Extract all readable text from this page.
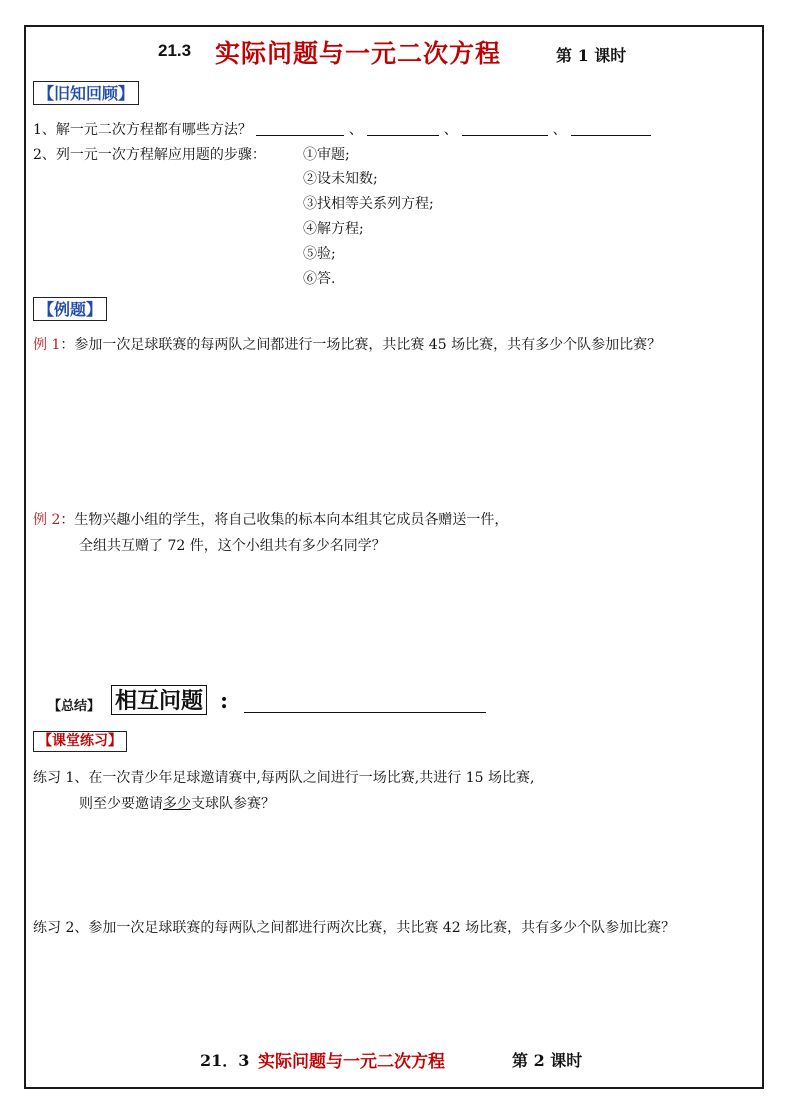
21.3 实际问题与一元二次方程	第 1 课时
【旧知回顾】
1、解一元二次方程都有哪些方法？	、	、	、
2、列一元一次方程解应用题的步骤：	①审题;
②设未知数;
③找相等关系列方程;
④解方程;
⑤验;
⑥答.
【例题】
例 1：参加一次足球联赛的每两队之间都进行一场比赛，共比赛 45 场比赛，共有多少个队参加比赛？
例 2：生物兴趣小组的学生，将自己收集的标本向本组其它成员各赠送一件，
全组共互赠了 72 件，这个小组共有多少名同学？
【总结】 相互问题 :
【课堂练习】
练习 1、在一次青少年足球邀请赛中,每两队之间进行一场比赛,共进行 15 场比赛,
则至少要邀请多少支球队参赛？
练习 2、参加一次足球联赛的每两队之间都进行两次比赛，共比赛 42 场比赛，共有多少个队参加比赛？
21．3 实际问题与一元二次方程	第 2 课时
